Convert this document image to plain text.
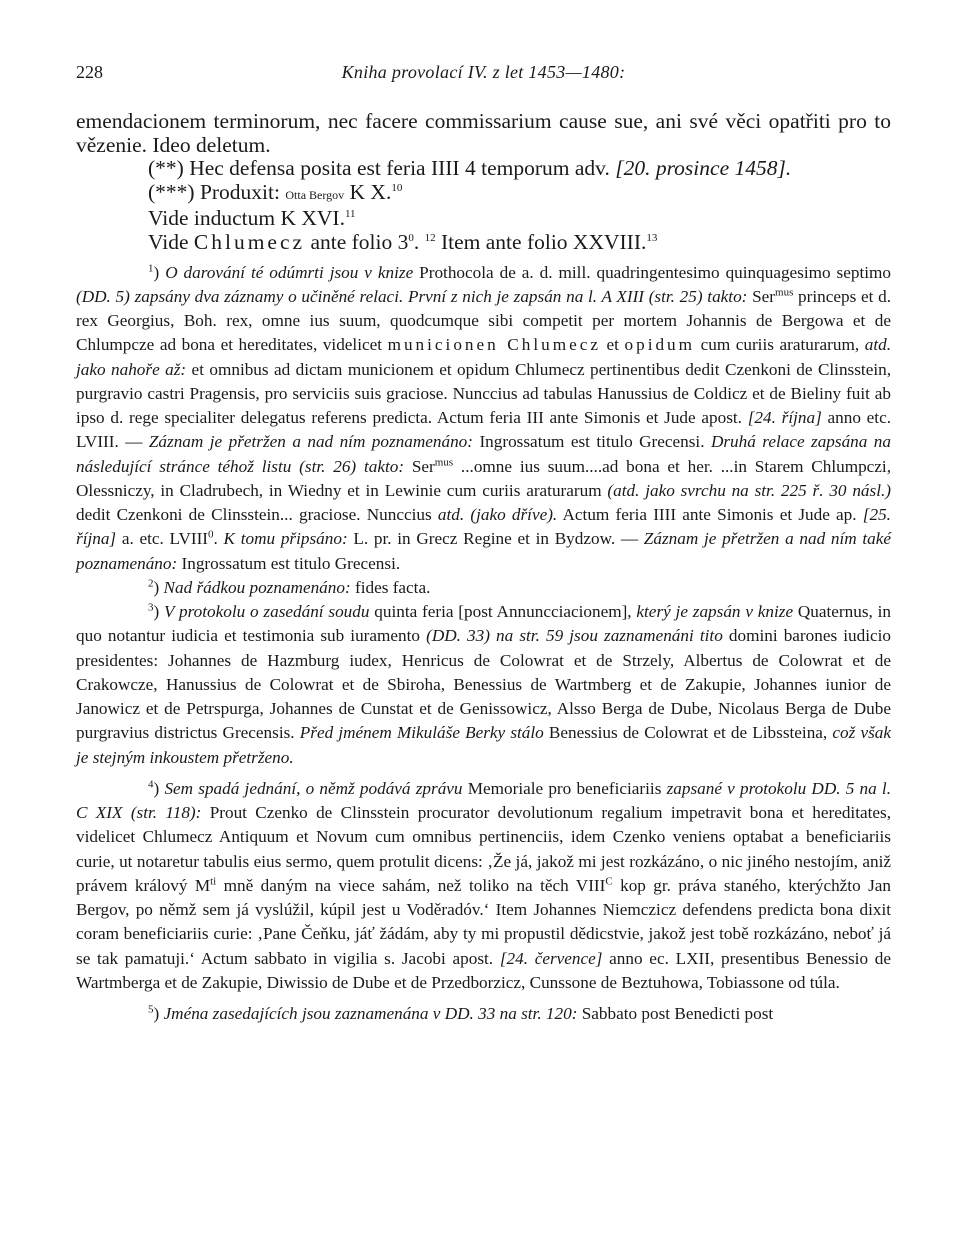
228	Kniha provolací IV. z let 1453—1480:

emendacionem terminorum, nec facere commissarium cause sue, ani své věci opatřiti pro to vězenie. Ideo deletum.

(**) Hec defensa posita est feria IIII 4 temporum adv. [20. prosince 1458].

(***) Produxit: Otta Bergov K X.$^{10}$

Vide inductum K XVI.$^{11}$

Vide Chlumecz ante folio $3^0$. $^{12}$ Item ante folio XXVIII.$^{13}$

$^1$) O darování té odúmrti jsou v knize Prothocola de a. d. mill. quadringentesimo quinquagesimo septimo (DD. 5) zapsány dva záznamy o učiněné relaci. První z nich je zapsán na l. A XIII (str. 25) takto: Ser$^{mus}$ princeps et d. rex Georgius, Boh. rex, omne ius suum, quodcumque sibi competit per mortem Johannis de Bergowa et de Chlumpcze ad bona et hereditates, videlicet municionen Chlumecz et opidum cum curiis araturarum, atd. jako nahoře až: et omnibus ad dictam municionem et opidum Chlumecz pertinentibus dedit Czenkoni de Clinsstein, purgravio castri Pragensis, pro serviciis suis graciose. Nunccius ad tabulas Hanussius de Coldicz et de Bieliny fuit ab ipso d. rege specialiter delegatus referens predicta. Actum feria III ante Simonis et Jude apost. [24. října] anno etc. LVIII. — Záznam je přetržen a nad ním poznamenáno: Ingrossatum est titulo Grecensi. Druhá relace zapsána na následující stránce téhož listu (str. 26) takto: Ser$^{mus}$ ...omne ius suum....ad bona et her. ...in Starem Chlumpczi, Olessniczy, in Cladrubech, in Wiedny et in Lewinie cum curiis araturarum (atd. jako svrchu na str. 225 ř. 30 násl.) dedit Czenkoni de Clinsstein... graciose. Nunccius atd. (jako dříve). Actum feria IIII ante Simonis et Jude ap. [25. října] a. etc. LVIII$^0$. K tomu připsáno: L. pr. in Grecz Regine et in Bydzow. — Záznam je přetržen a nad ním také poznamenáno: Ingrossatum est titulo Grecensi.

$^2$) Nad řádkou poznamenáno: fides facta.

$^3$) V protokolu o zasedání soudu quinta feria [post Annuncciacionem], který je zapsán v knize Quaternus, in quo notantur iudicia et testimonia sub iuramento (DD. 33) na str. 59 jsou zaznamenáni tito domini barones iudicio presidentes: Johannes de Hazmburg iudex, Henricus de Colowrat et de Strzely, Albertus de Colowrat et de Crakowcze, Hanussius de Colowrat et de Sbiroha, Benessius de Wartmberg et de Zakupie, Johannes iunior de Janowicz et de Petrspurga, Johannes de Cunstat et de Genissowicz, Alsso Berga de Dube, Nicolaus Berga de Dube purgravius districtus Grecensis. Před jménem Mikuláše Berky stálo Benessius de Colowrat et de Libssteina, což však je stejným inkoustem přetrženo.

$^4$) Sem spadá jednání, o němž podává zprávu Memoriale pro beneficiariis zapsané v protokolu DD. 5 na l. C XIX (str. 118): Prout Czenko de Clinsstein procurator devolutionum regalium impetravit bona et hereditates, videlicet Chlumecz Antiquum et Novum cum omnibus pertinenciis, idem Czenko veniens optabat a beneficiariis curie, ut notaretur tabulis eius sermo, quem protulit dicens: ‚Že já, jakož mi jest rozkázáno, o nic jiného nestojím, aniž právem králový $M^{ti}$ mně daným na viece sahám, než toliko na těch $VIII^C$ kop gr. práva staného, kterýchžto Jan Bergov, po němž sem já vyslúžil, kúpil jest u Voděradóv.‘ Item Johannes Niemczicz defendens predicta bona dixit coram beneficiariis curie: ‚Pane Čeňku, jáť žádám, aby ty mi propustil dědicstvie, jakož jest tobě rozkázáno, neboť já se tak pamatuji.‘ Actum sabbato in vigilia s. Jacobi apost. [24. července] anno ec. LXII, presentibus Benessio de Wartmberga et de Zakupie, Diwissio de Dube et de Przedborzicz, Cunssone de Beztuhowa, Tobiassone od túla.

$^5$) Jména zasedajících jsou zaznamenána v DD. 33 na str. 120: Sabbato post Benedicti post
